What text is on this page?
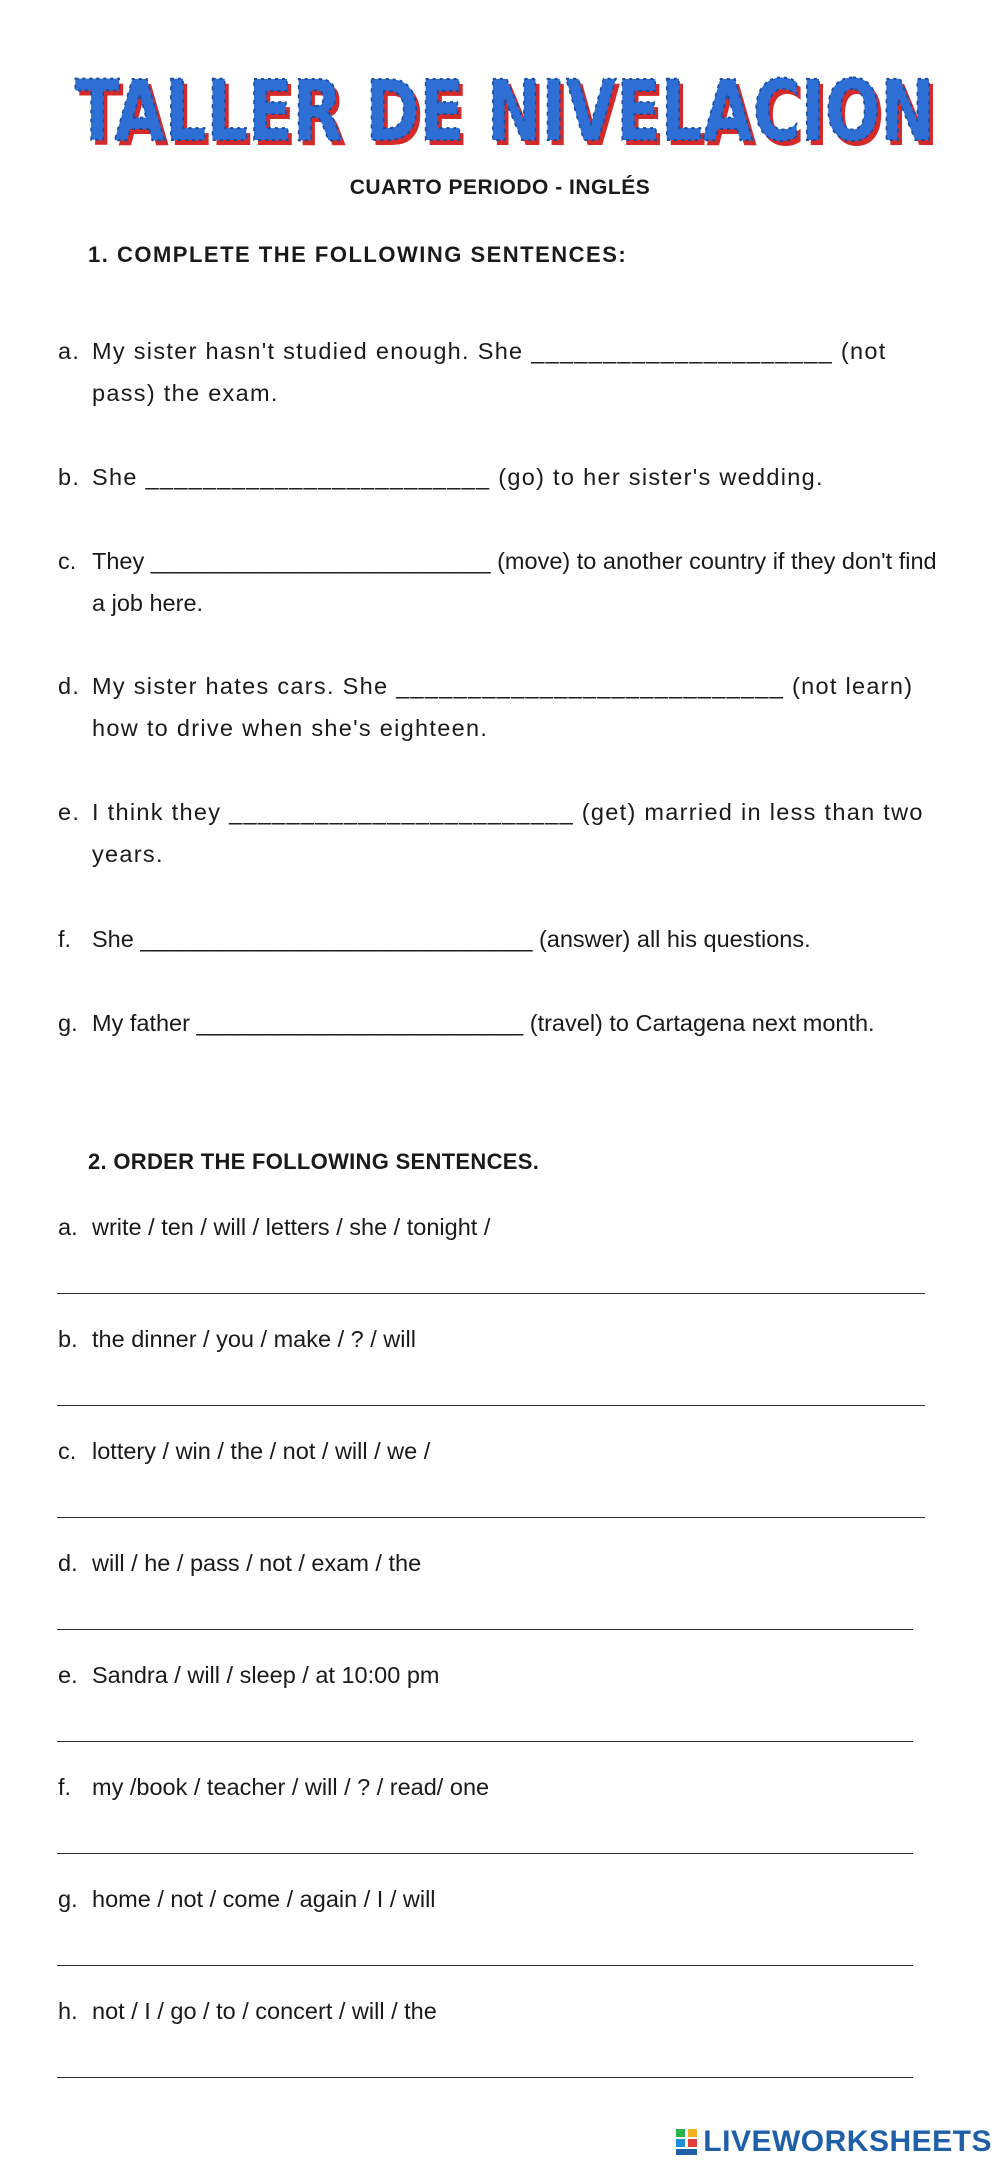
TALLER DE NIVELACION
TALLER DE NIVELACION
CUARTO PERIODO - INGLÉS
1. COMPLETE THE FOLLOWING SENTENCES:
a. My sister hasn't studied enough. She _____________________ (not pass) the exam.
b. She ________________________ (go) to her sister's wedding.
c. They __________________________ (move) to another country if they don't find a job here.
d. My sister hates cars. She ___________________________ (not learn) how to drive when she's eighteen.
e. I think they ________________________ (get) married in less than two years.
f. She ______________________________ (answer) all his questions.
g. My father _________________________ (travel) to Cartagena next month.
2. ORDER THE FOLLOWING SENTENCES.
a. write / ten / will / letters / she / tonight /
b. the dinner / you / make / ? / will
c. lottery / win / the / not / will / we /
d. will / he / pass / not / exam / the
e. Sandra / will / sleep / at 10:00 pm
f. my /book / teacher / will / ? / read/ one
g. home / not / come / again / I / will
h. not / I / go / to / concert / will / the
LIVEWORKSHEETS
